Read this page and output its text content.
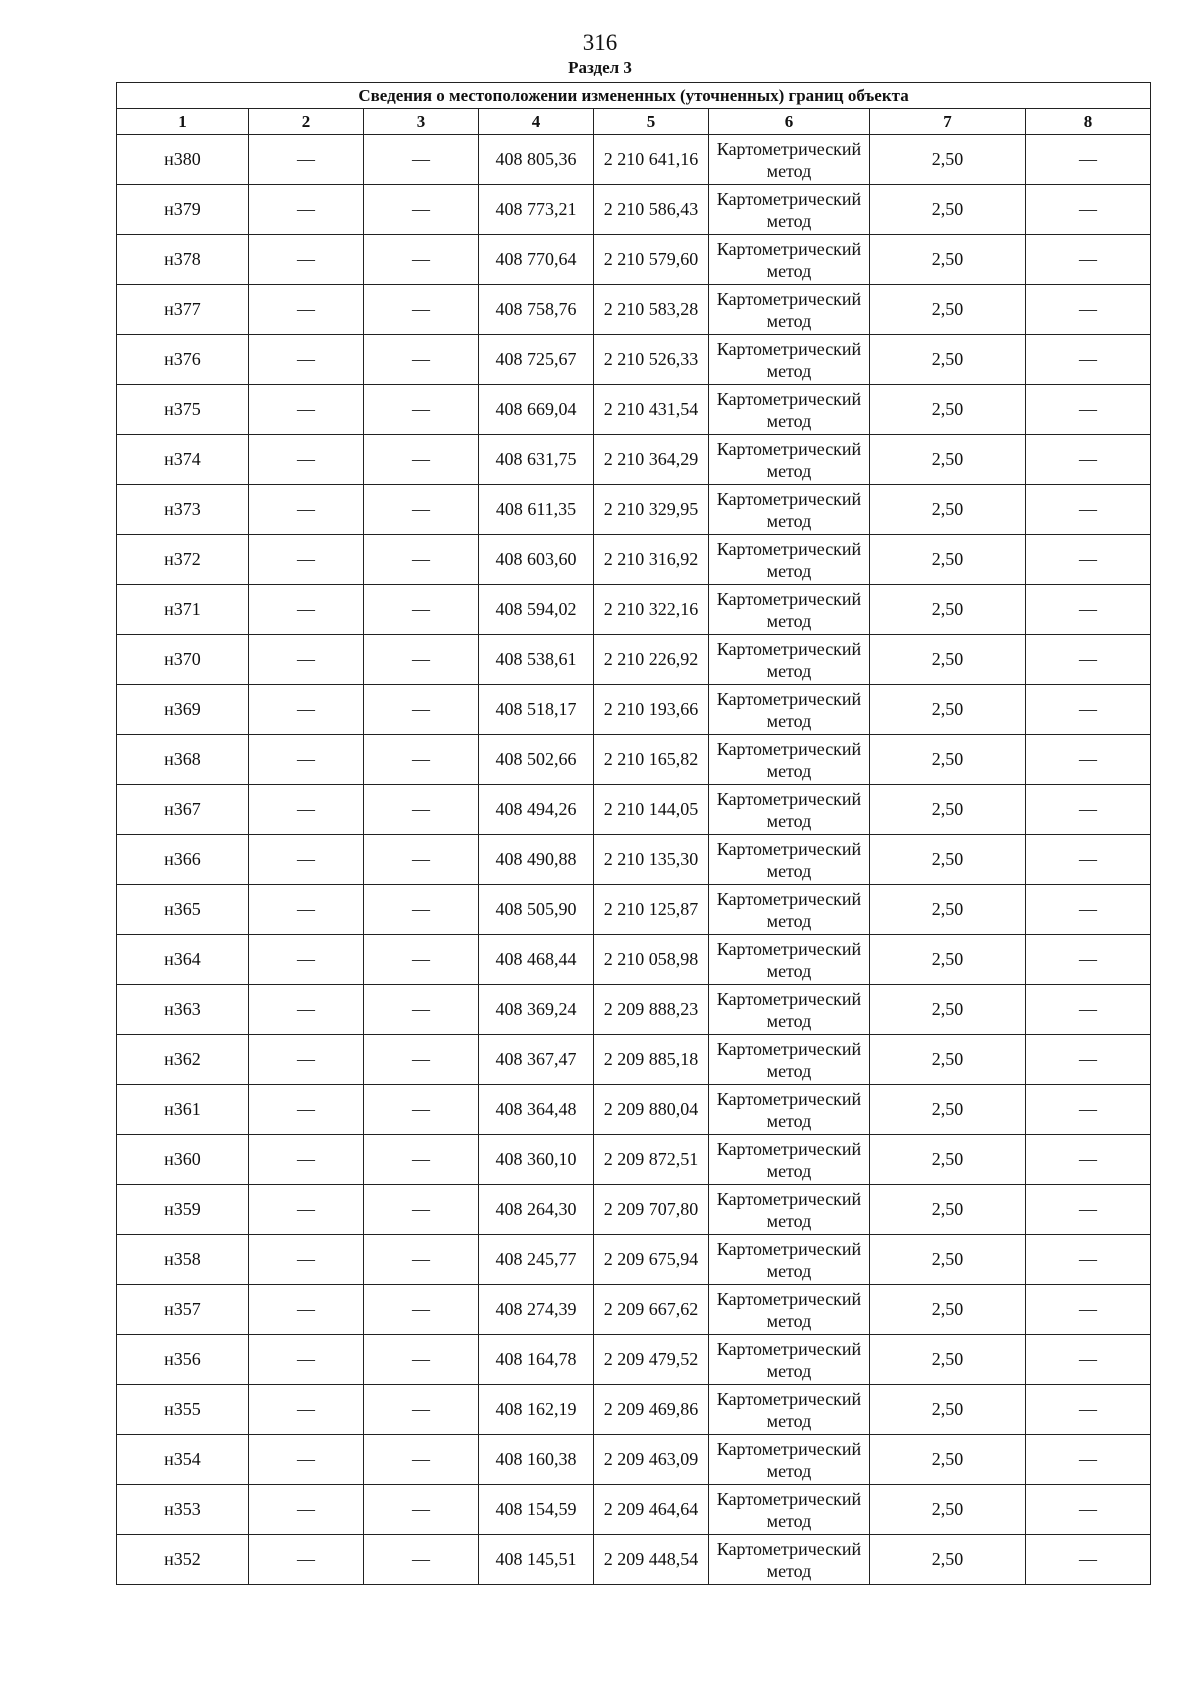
316
Раздел 3
Сведения о местоположении измененных (уточненных) границ объекта							
1	2	3	4	5	6	7	8
н380	—	—	408 805,36	2 210 641,16	Картометрический метод	2,50	—
н379	—	—	408 773,21	2 210 586,43	Картометрический метод	2,50	—
н378	—	—	408 770,64	2 210 579,60	Картометрический метод	2,50	—
н377	—	—	408 758,76	2 210 583,28	Картометрический метод	2,50	—
н376	—	—	408 725,67	2 210 526,33	Картометрический метод	2,50	—
н375	—	—	408 669,04	2 210 431,54	Картометрический метод	2,50	—
н374	—	—	408 631,75	2 210 364,29	Картометрический метод	2,50	—
н373	—	—	408 611,35	2 210 329,95	Картометрический метод	2,50	—
н372	—	—	408 603,60	2 210 316,92	Картометрический метод	2,50	—
н371	—	—	408 594,02	2 210 322,16	Картометрический метод	2,50	—
н370	—	—	408 538,61	2 210 226,92	Картометрический метод	2,50	—
н369	—	—	408 518,17	2 210 193,66	Картометрический метод	2,50	—
н368	—	—	408 502,66	2 210 165,82	Картометрический метод	2,50	—
н367	—	—	408 494,26	2 210 144,05	Картометрический метод	2,50	—
н366	—	—	408 490,88	2 210 135,30	Картометрический метод	2,50	—
н365	—	—	408 505,90	2 210 125,87	Картометрический метод	2,50	—
н364	—	—	408 468,44	2 210 058,98	Картометрический метод	2,50	—
н363	—	—	408 369,24	2 209 888,23	Картометрический метод	2,50	—
н362	—	—	408 367,47	2 209 885,18	Картометрический метод	2,50	—
н361	—	—	408 364,48	2 209 880,04	Картометрический метод	2,50	—
н360	—	—	408 360,10	2 209 872,51	Картометрический метод	2,50	—
н359	—	—	408 264,30	2 209 707,80	Картометрический метод	2,50	—
н358	—	—	408 245,77	2 209 675,94	Картометрический метод	2,50	—
н357	—	—	408 274,39	2 209 667,62	Картометрический метод	2,50	—
н356	—	—	408 164,78	2 209 479,52	Картометрический метод	2,50	—
н355	—	—	408 162,19	2 209 469,86	Картометрический метод	2,50	—
н354	—	—	408 160,38	2 209 463,09	Картометрический метод	2,50	—
н353	—	—	408 154,59	2 209 464,64	Картометрический метод	2,50	—
н352	—	—	408 145,51	2 209 448,54	Картометрический метод	2,50	—
